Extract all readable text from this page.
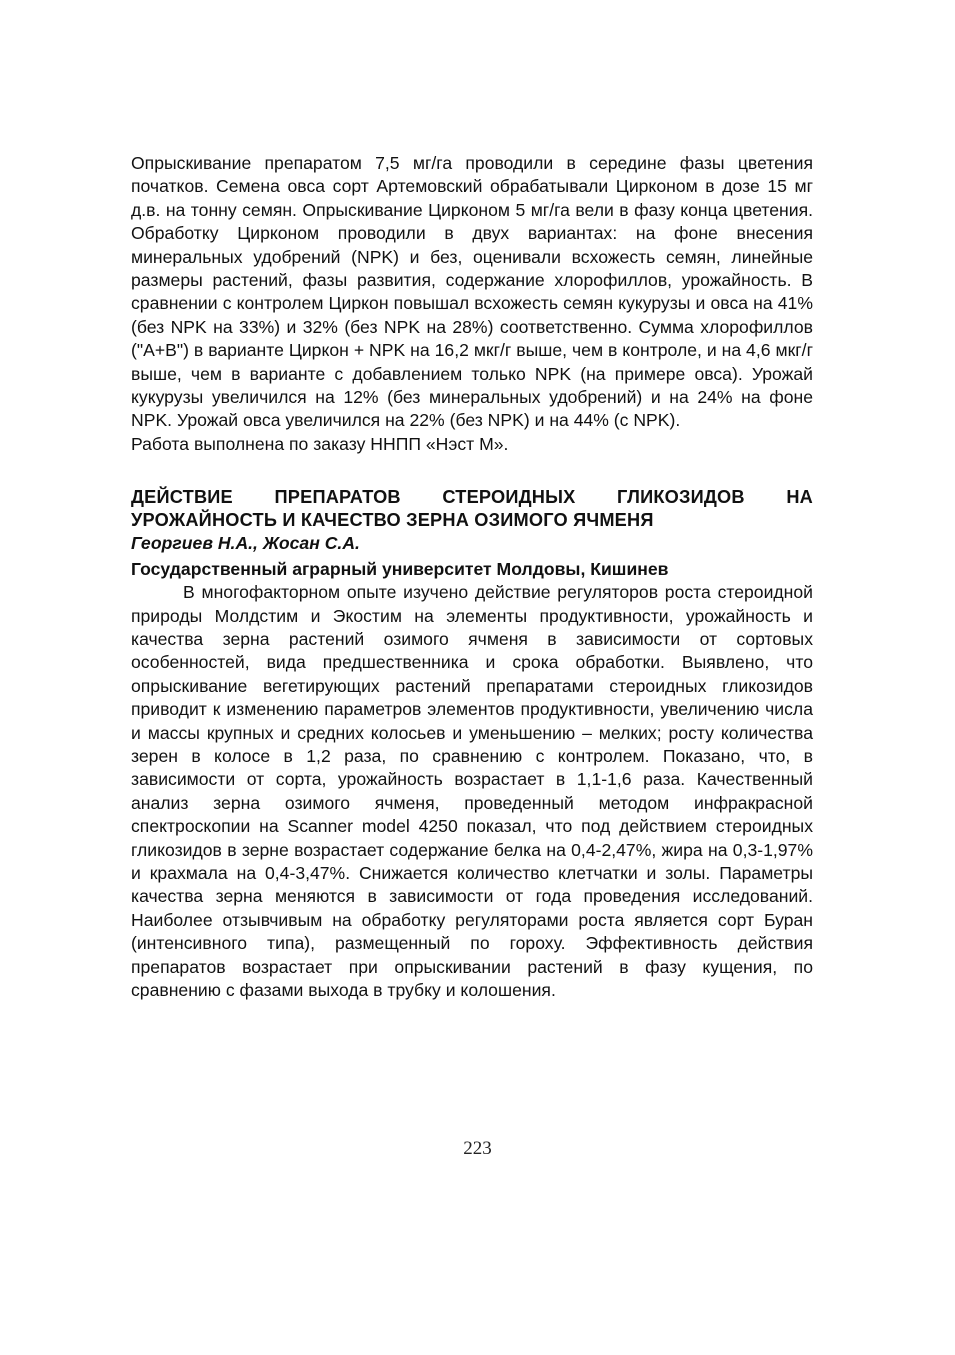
Опрыскивание препаратом 7,5 мг/га проводили в середине фазы цветения початков. Семена овса сорт Артемовский обрабатывали Цирконом в дозе 15 мг д.в. на тонну семян. Опрыскивание Цирконом 5 мг/га вели в фазу конца цветения. Обработку Цирконом проводили в двух вариантах: на фоне внесения минеральных удобрений (NPK) и без, оценивали всхожесть семян, линейные размеры растений, фазы развития, содержание хлорофиллов, урожайность. В сравнении с контролем Циркон повышал всхожесть семян кукурузы и овса на 41% (без NPK на 33%) и 32% (без NPK на 28%) соответственно. Сумма хлорофиллов ("А+В") в варианте Циркон + NPK на 16,2 мкг/г выше, чем в контроле, и на 4,6 мкг/г выше, чем в варианте с добавлением только NPK (на примере овса). Урожай кукурузы увеличился на 12% (без минеральных удобрений) и на 24% на фоне NPK. Урожай овса увеличился на 22% (без NPK) и на 44% (с NPK).

Работа выполнена по заказу ННПП «Нэст М».

ДЕЙСТВИЕ ПРЕПАРАТОВ СТЕРОИДНЫХ ГЛИКОЗИДОВ НА УРОЖАЙНОСТЬ И КАЧЕСТВО ЗЕРНА ОЗИМОГО ЯЧМЕНЯ

Георгиев Н.А., Жосан С.А.

Государственный аграрный университет Молдовы, Кишинев

В многофакторном опыте изучено действие регуляторов роста стероидной природы Молдстим и Экостим на элементы продуктивности, урожайность и качества зерна растений озимого ячменя в зависимости от сортовых особенностей, вида предшественника и срока обработки. Выявлено, что опрыскивание вегетирующих растений препаратами стероидных гликозидов приводит к изменению параметров элементов продуктивности, увеличению числа и массы крупных и средних колосьев и уменьшению – мелких; росту количества зерен в колосе в 1,2 раза, по сравнению с контролем. Показано, что, в зависимости от сорта, урожайность возрастает в 1,1-1,6 раза. Качественный анализ зерна озимого ячменя, проведенный методом инфракрасной спектроскопии на Scanner model 4250 показал, что под действием стероидных гликозидов в зерне возрастает содержание белка на 0,4-2,47%, жира на 0,3-1,97% и крахмала на 0,4-3,47%. Снижается количество клетчатки и золы. Параметры качества зерна меняются в зависимости от года проведения исследований. Наиболее отзывчивым на обработку регуляторами роста является сорт Буран (интенсивного типа), размещенный по гороху. Эффективность действия препаратов возрастает при опрыскивании растений в фазу кущения, по сравнению с фазами выхода в трубку и колошения.

223
